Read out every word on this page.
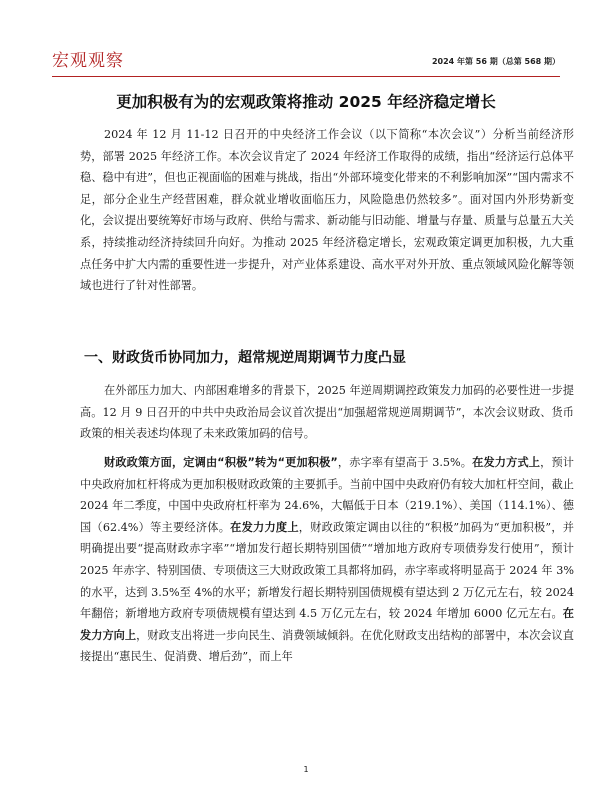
宏观观察	2024 年第 56 期（总第 568 期）
更加积极有为的宏观政策将推动 2025 年经济稳定增长

2024 年 12 月 11-12 日召开的中央经济工作会议（以下简称“本次会议”）分析当前经济形势，部署 2025 年经济工作。本次会议肯定了 2024 年经济工作取得的成绩，指出“经济运行总体平稳、稳中有进”，但也正视面临的困难与挑战，指出“外部环境变化带来的不利影响加深”“国内需求不足，部分企业生产经营困难，群众就业增收面临压力，风险隐患仍然较多”。面对国内外形势新变化，会议提出要统筹好市场与政府、供给与需求、新动能与旧动能、增量与存量、质量与总量五大关系，持续推动经济持续回升向好。为推动 2025 年经济稳定增长，宏观政策定调更加积极，九大重点任务中扩大内需的重要性进一步提升，对产业体系建设、高水平对外开放、重点领域风险化解等领域也进行了针对性部署。

一、财政货币协同加力，超常规逆周期调节力度凸显

在外部压力加大、内部困难增多的背景下，2025 年逆周期调控政策发力加码的必要性进一步提高。12 月 9 日召开的中共中央政治局会议首次提出“加强超常规逆周期调节”，本次会议财政、货币政策的相关表述均体现了未来政策加码的信号。

财政政策方面，定调由“积极”转为“更加积极”，赤字率有望高于 3.5%。在发力方式上，预计中央政府加杠杆将成为更加积极财政政策的主要抓手。当前中国中央政府仍有较大加杠杆空间，截止 2024 年二季度，中国中央政府杠杆率为 24.6%，大幅低于日本（219.1%）、美国（114.1%）、德国（62.4%）等主要经济体。在发力力度上，财政政策定调由以往的“积极”加码为“更加积极”，并明确提出要“提高财政赤字率”“增加发行超长期特别国债”“增加地方政府专项债券发行使用”，预计 2025 年赤字、特别国债、专项债这三大财政政策工具都将加码，赤字率或将明显高于 2024 年 3%的水平，达到 3.5%至 4%的水平；新增发行超长期特别国债规模有望达到 2 万亿元左右，较 2024 年翻倍；新增地方政府专项债规模有望达到 4.5 万亿元左右，较 2024 年增加 6000 亿元左右。在发力方向上，财政支出将进一步向民生、消费领域倾斜。在优化财政支出结构的部署中，本次会议直接提出“惠民生、促消费、增后劲”，而上年

1
